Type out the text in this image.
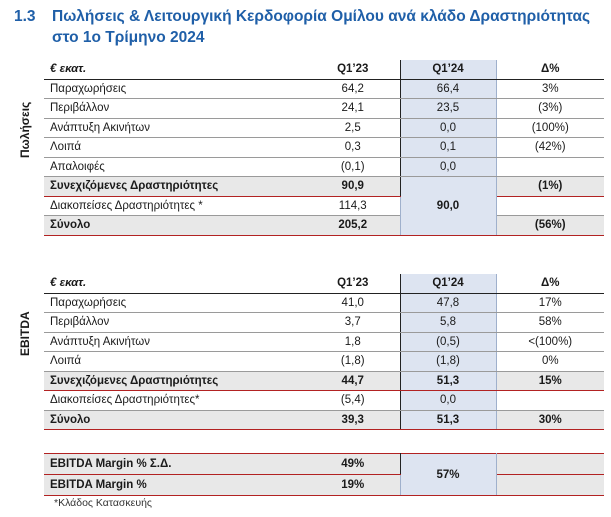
1.3 Πωλήσεις & Λειτουργική Κερδοφορία Ομίλου ανά κλάδο Δραστηριότητας στο 1ο Τρίμηνο 2024
Πωλήσεις
€ εκατ.	Q1’23	Q1’24	Δ%
Παραχωρήσεις	64,2	66,4	3%
Περιβάλλον	24,1	23,5	(3%)
Ανάπτυξη Ακινήτων	2,5	0,0	(100%)
Λοιπά	0,3	0,1	(42%)
Απαλοιφές	(0,1)	0,0	
Συνεχιζόμενες Δραστηριότητες	90,9	90,0	(1%)
Διακοπείσες Δραστηριότητες *	114,3		
Σύνολο	205,2		(56%)
EBITDA
€ εκατ.	Q1’23	Q1’24	Δ%
Παραχωρήσεις	41,0	47,8	17%
Περιβάλλον	3,7	5,8	58%
Ανάπτυξη Ακινήτων	1,8	(0,5)	<(100%)
Λοιπά	(1,8)	(1,8)	0%
Συνεχιζόμενες Δραστηριότητες	44,7	51,3	15%
Διακοπείσες Δραστηριότητες*	(5,4)	0,0	
Σύνολο	39,3	51,3	30%
EBITDA Margin % Σ.Δ.	49%	57%	
EBITDA Margin %	19%		
*Κλάδος Κατασκευής
